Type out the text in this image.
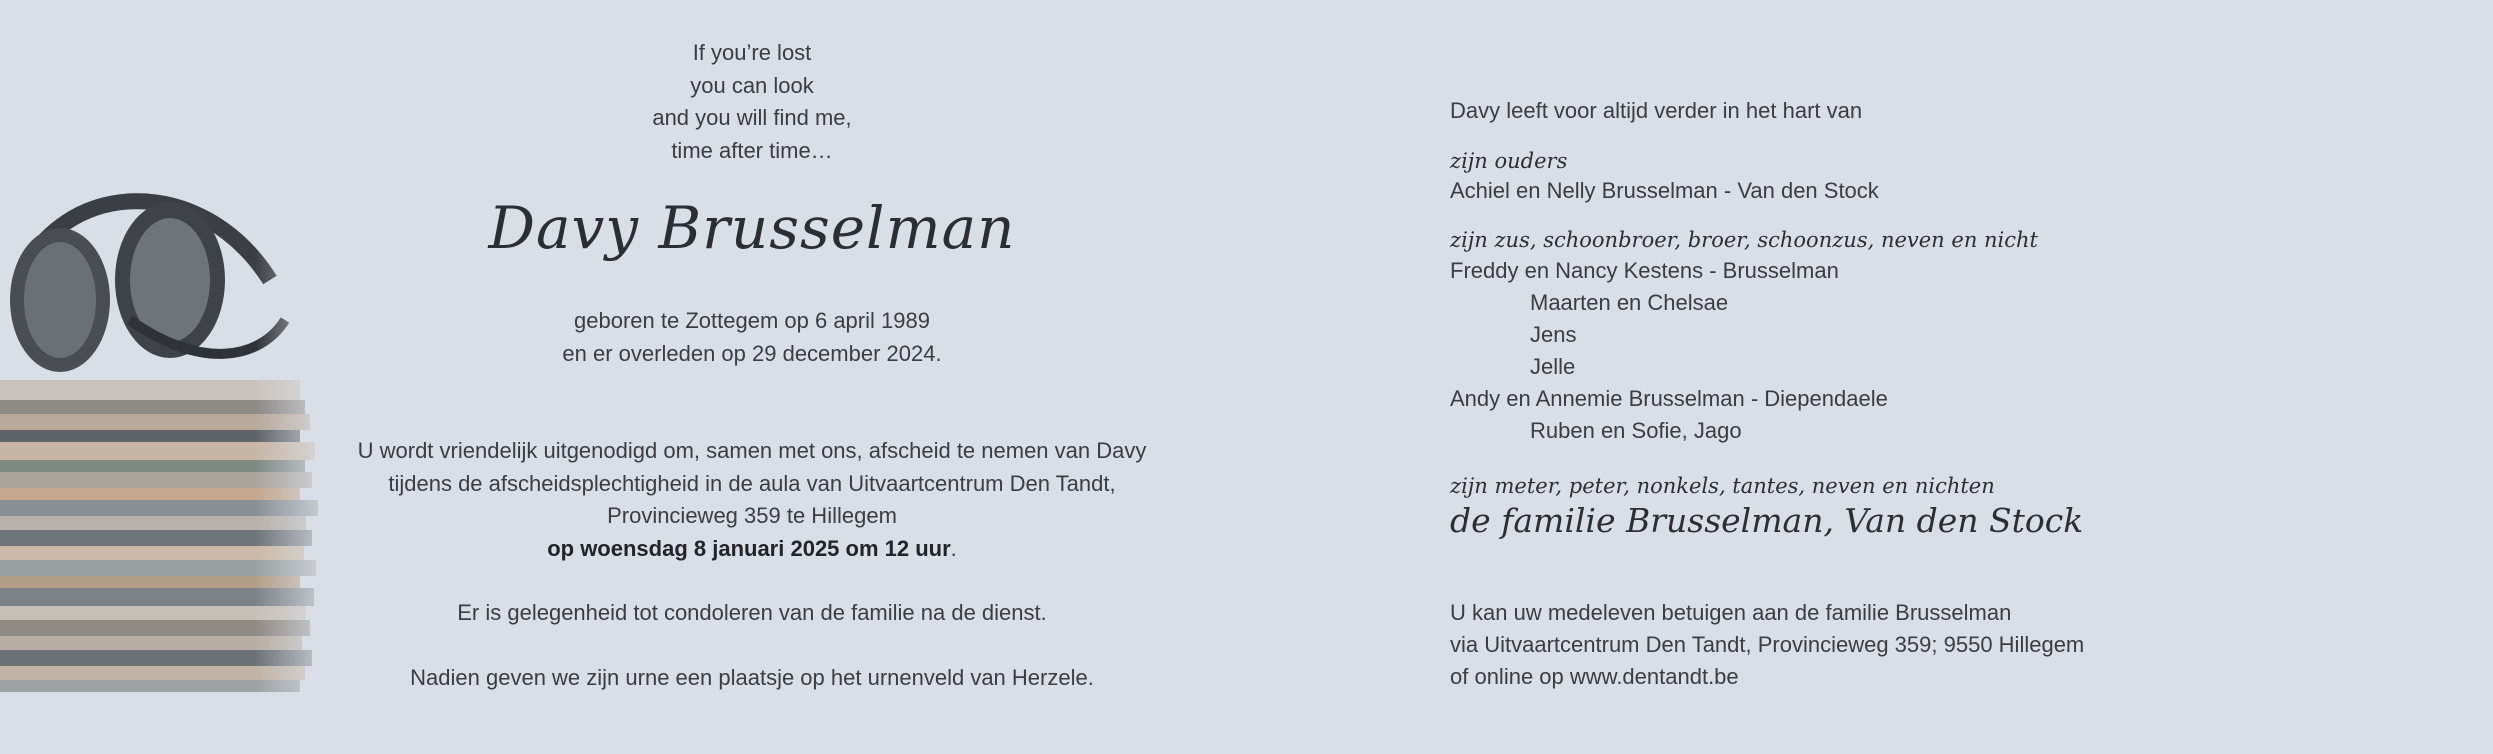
If you’re lost
you can look
and you will find me,
time after time…
Davy Brusselman
geboren te Zottegem op 6 april 1989
en er overleden op 29 december 2024.
U wordt vriendelijk uitgenodigd om, samen met ons, afscheid te nemen van Davy
tijdens de afscheidsplechtigheid in de aula van Uitvaartcentrum Den Tandt,
Provincieweg 359 te Hillegem
op woensdag 8 januari 2025 om 12 uur.
Er is gelegenheid tot condoleren van de familie na de dienst.
Nadien geven we zijn urne een plaatsje op het urnenveld van Herzele.
Davy leeft voor altijd verder in het hart van
zijn ouders
Achiel en Nelly Brusselman - Van den Stock
zijn zus, schoonbroer, broer, schoonzus, neven en nicht
Freddy en Nancy Kestens - Brusselman
Maarten en Chelsae
Jens
Jelle
Andy en Annemie Brusselman - Diependaele
Ruben en Sofie, Jago
zijn meter, peter, nonkels, tantes, neven en nichten
de familie Brusselman, Van den Stock
U kan uw medeleven betuigen aan de familie Brusselman
via Uitvaartcentrum Den Tandt, Provincieweg 359; 9550 Hillegem
of online op www.dentandt.be
